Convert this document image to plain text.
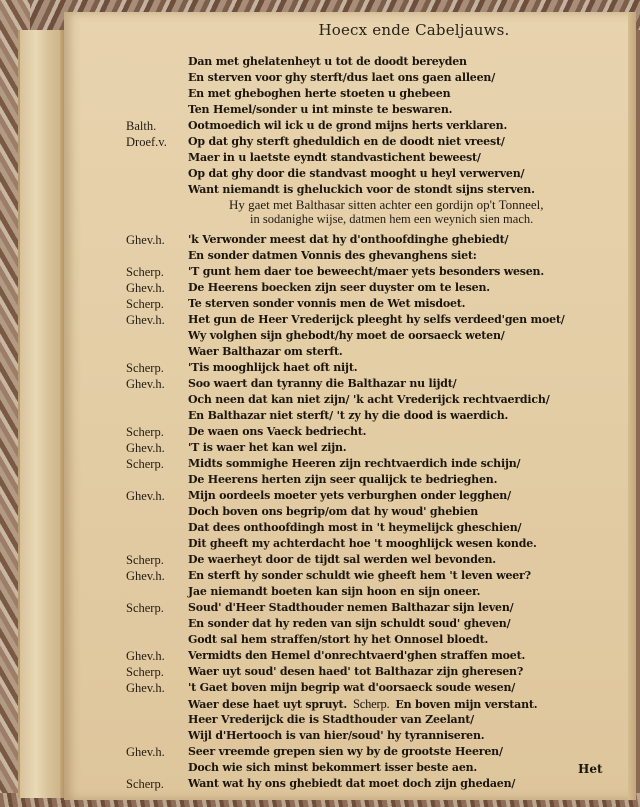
Hoecx ende Cabeljauws.
Hy gaet met Balthasar sitten achter een gordijn op't Tonneel,
in sodanighe wijse, datmen hem een weynich sien mach.
Dan met ghelatenheyt u tot de doodt bereyden
En sterven voor ghy sterft/dus laet ons gaen alleen/
En met gheboghen herte stoeten u ghebeen
Ten Hemel/sonder u int minste te beswaren.
Balth.	Ootmoedich wil ick u de grond mijns herts verklaren.
Droef.v.	Op dat ghy sterft gheduldich en de doodt niet vreest/
Maer in u laetste eyndt standvastichent beweest/
Op dat ghy door die standvast mooght u heyl verwerven/
Want niemandt is gheluckich voor de stondt sijns sterven.
Ghev.h.	'k Verwonder meest dat hy d'onthoofdinghe ghebiedt/
En sonder datmen Vonnis des ghevanghens siet:
Scherp.	'T gunt hem daer toe beweecht/maer yets besonders wesen.
Ghev.h.	De Heerens boecken zijn seer duyster om te lesen.
Scherp.	Te sterven sonder vonnis men de Wet misdoet.
Ghev.h.	Het gun de Heer Vrederijck pleeght hy selfs verdeed'gen moet/
Wy volghen sijn ghebodt/hy moet de oorsaeck weten/
Waer Balthazar om sterft.
Scherp.	'Tis mooghlijck haet oft nijt.
Ghev.h.	Soo waert dan tyranny die Balthazar nu lijdt/
Och neen dat kan niet zijn/ 'k acht Vrederijck rechtvaerdich/
En Balthazar niet sterft/ 't zy hy die dood is waerdich.
Scherp.	De waen ons Vaeck bedriecht.
Ghev.h.	'T is waer het kan wel zijn.
Scherp.	Midts sommighe Heeren zijn rechtvaerdich inde schijn/
De Heerens herten zijn seer qualijck te bedrieghen.
Ghev.h.	Mijn oordeels moeter yets verburghen onder legghen/
Doch boven ons begrip/om dat hy woud' ghebien
Dat dees onthoofdingh most in 't heymelijck gheschien/
Dit gheeft my achterdacht hoe 't mooghlijck wesen konde.
Scherp.	De waerheyt door de tijdt sal werden wel bevonden.
Ghev.h.	En sterft hy sonder schuldt wie gheeft hem 't leven weer?
Jae niemandt boeten kan sijn hoon en sijn oneer.
Scherp.	Soud' d'Heer Stadthouder nemen Balthazar sijn leven/
En sonder dat hy reden van sijn schuldt soud' gheven/
Godt sal hem straffen/stort hy het Onnosel bloedt.
Ghev.h.	Vermidts den Hemel d'onrechtvaerd'ghen straffen moet.
Scherp.	Waer uyt soud' desen haed' tot Balthazar zijn gheresen?
Ghev.h.	't Gaet boven mijn begrip wat d'oorsaeck soude wesen/
Waer dese haet uyt spruyt. Scherp. En boven mijn verstant.
Heer Vrederijck die is Stadthouder van Zeelant/
Wijl d'Hertooch is van hier/soud' hy tyranniseren.
Ghev.h.	Seer vreemde grepen sien wy by de grootste Heeren/
Doch wie sich minst bekommert isser beste aen.
Scherp.	Want wat hy ons ghebiedt dat moet doch zijn ghedaen/
Het
